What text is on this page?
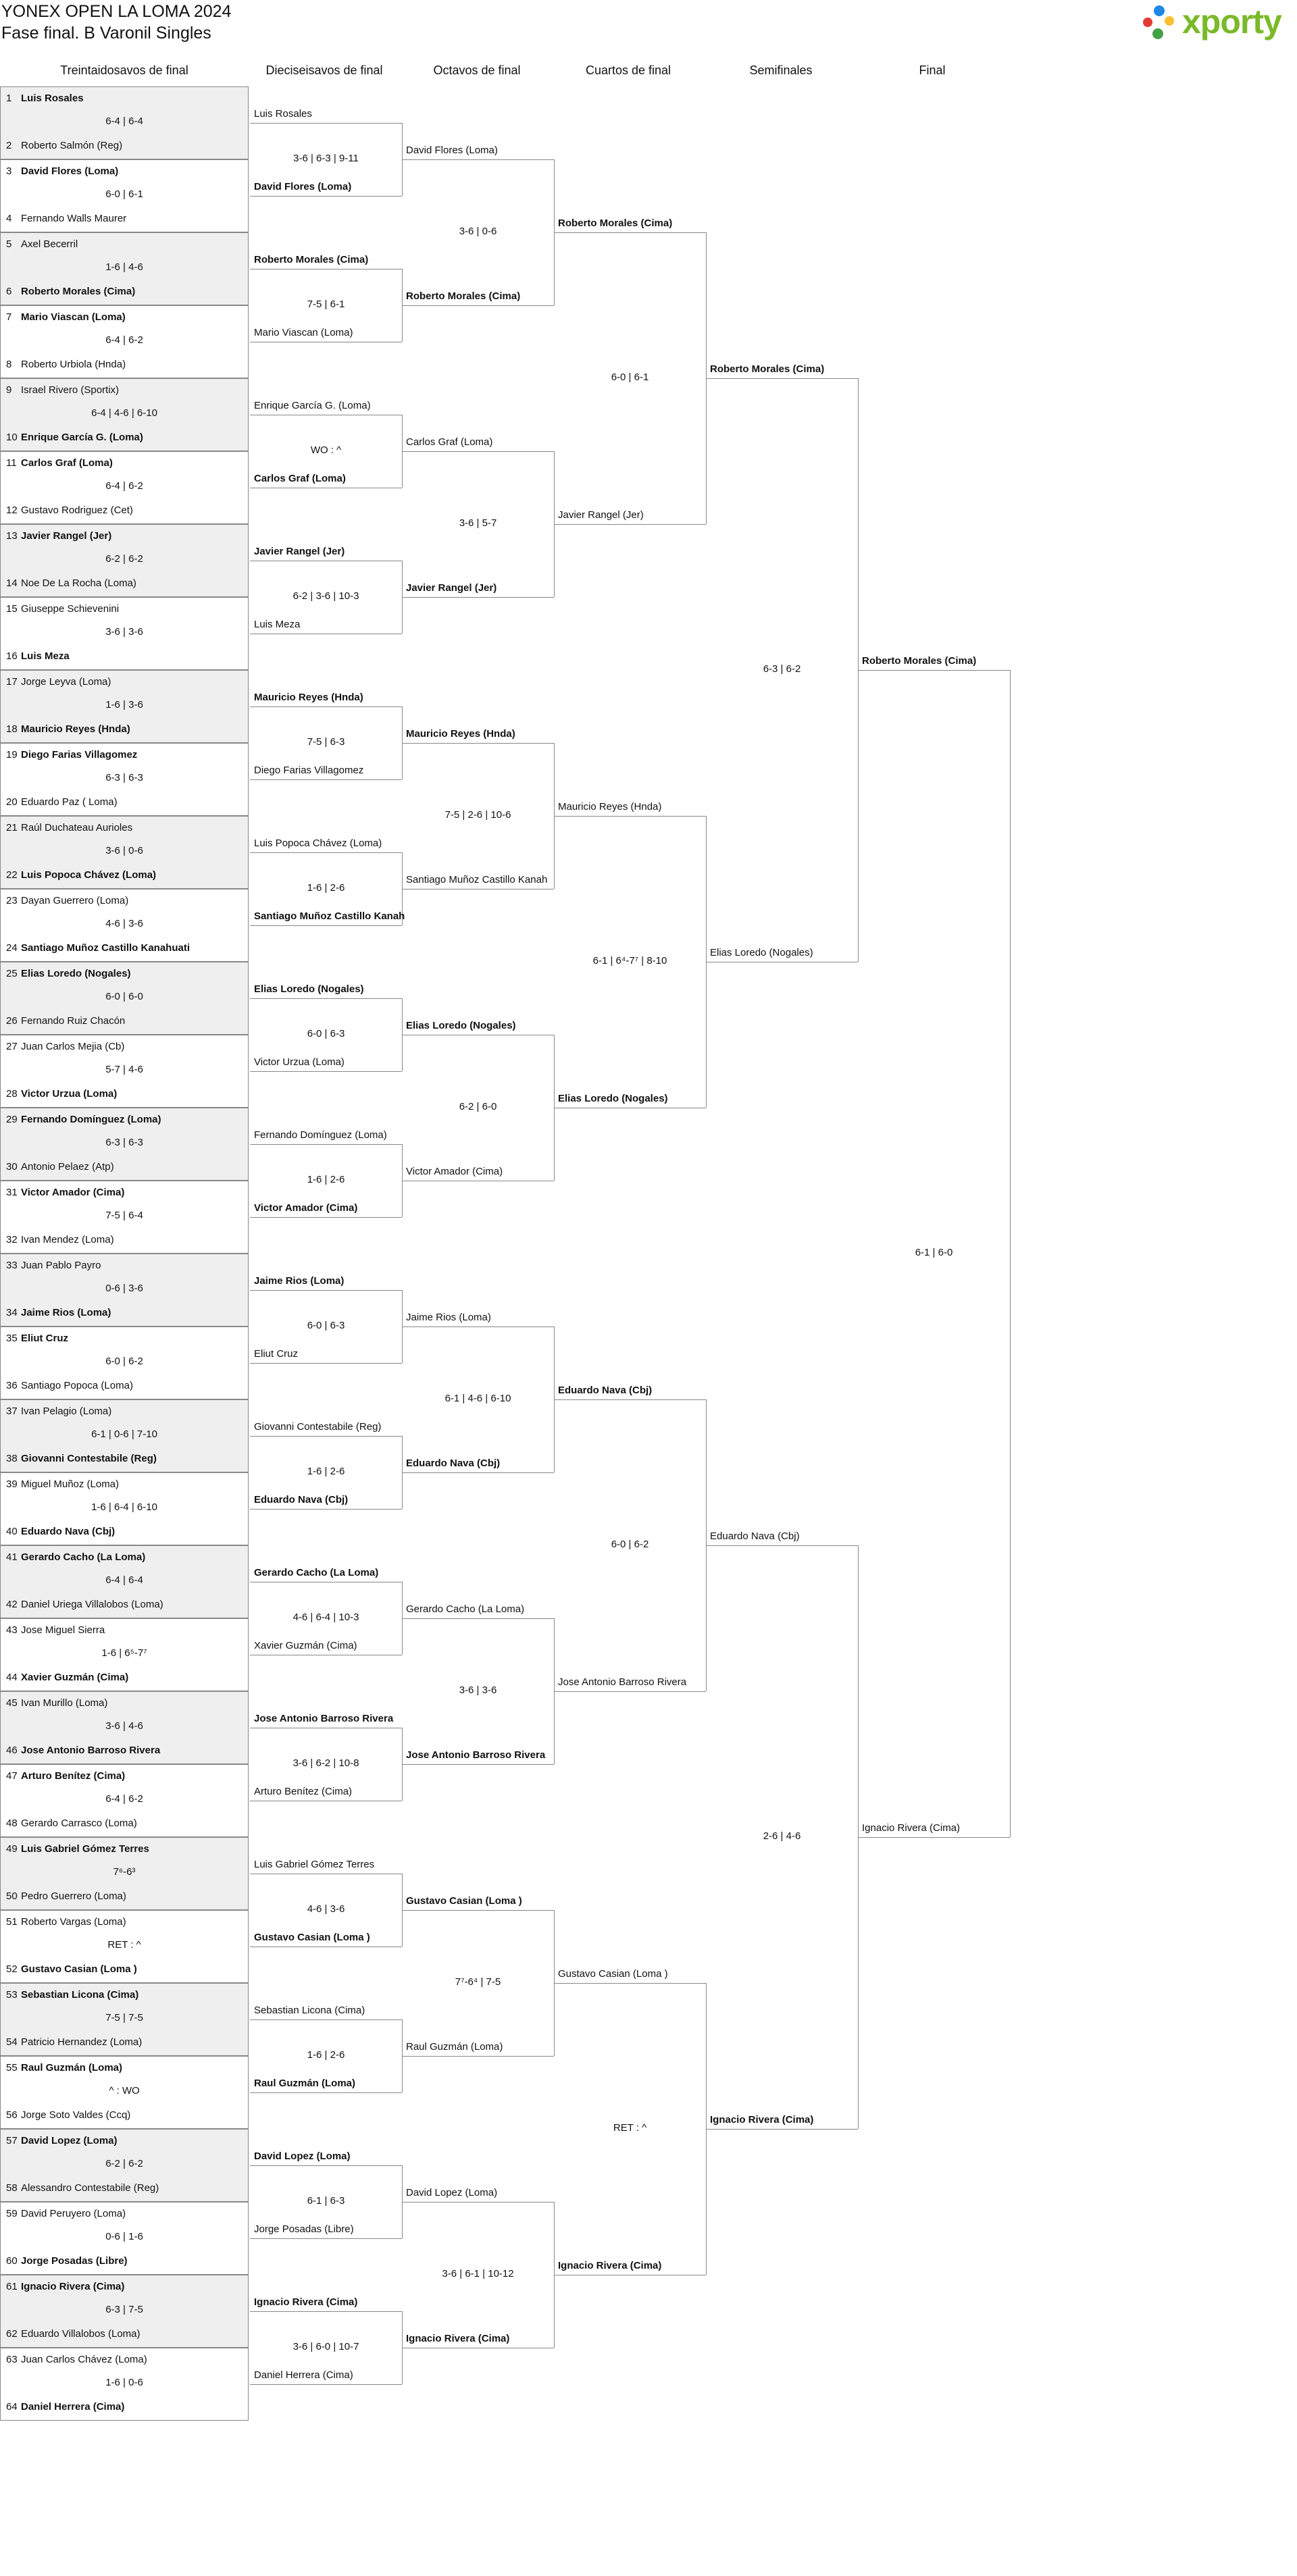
YONEX OPEN LA LOMA 2024
Fase final. B Varonil Singles	xporty
Treintaidosavos de final	Dieciseisavos de final	Octavos de final	Cuartos de final	Semifinales	Final
1 Luis Rosales
2 Roberto Salmón (Reg)
6-4 | 6-4
3 David Flores (Loma)
4 Fernando Walls Maurer
6-0 | 6-1
5 Axel Becerril
6 Roberto Morales (Cima)
1-6 | 4-6
7 Mario Viascan (Loma)
8 Roberto Urbiola (Hnda)
6-4 | 6-2
9 Israel Rivero (Sportix)
10 Enrique García G. (Loma)
6-4 | 4-6 | 6-10
11 Carlos Graf (Loma)
12 Gustavo Rodriguez (Cet)
6-4 | 6-2
13 Javier Rangel (Jer)
14 Noe De La Rocha (Loma)
6-2 | 6-2
15 Giuseppe Schievenini
16 Luis Meza
3-6 | 3-6
17 Jorge Leyva (Loma)
18 Mauricio Reyes (Hnda)
1-6 | 3-6
19 Diego Farias Villagomez
20 Eduardo Paz ( Loma)
6-3 | 6-3
21 Raúl Duchateau Aurioles
22 Luis Popoca Chávez (Loma)
3-6 | 0-6
23 Dayan Guerrero (Loma)
24 Santiago Muñoz Castillo Kanahuati
4-6 | 3-6
25 Elias Loredo (Nogales)
26 Fernando Ruiz Chacón
6-0 | 6-0
27 Juan Carlos Mejia (Cb)
28 Victor Urzua (Loma)
5-7 | 4-6
29 Fernando Domínguez (Loma)
30 Antonio Pelaez (Atp)
6-3 | 6-3
31 Victor Amador (Cima)
32 Ivan Mendez (Loma)
7-5 | 6-4
33 Juan Pablo Payro
34 Jaime Rios (Loma)
0-6 | 3-6
35 Eliut Cruz
36 Santiago Popoca (Loma)
6-0 | 6-2
37 Ivan Pelagio (Loma)
38 Giovanni Contestabile (Reg)
6-1 | 0-6 | 7-10
39 Miguel Muñoz (Loma)
40 Eduardo Nava (Cbj)
1-6 | 6-4 | 6-10
41 Gerardo Cacho (La Loma)
42 Daniel Uriega Villalobos (Loma)
6-4 | 6-4
43 Jose Miguel Sierra
44 Xavier Guzmán (Cima)
1-6 | 6⁵-7⁷
45 Ivan Murillo (Loma)
46 Jose Antonio Barroso Rivera
3-6 | 4-6
47 Arturo Benítez (Cima)
48 Gerardo Carrasco (Loma)
6-4 | 6-2
49 Luis Gabriel Gómez Terres
50 Pedro Guerrero (Loma)
7⁶-6³
51 Roberto Vargas (Loma)
52 Gustavo Casian (Loma )
RET : ^
53 Sebastian Licona (Cima)
54 Patricio Hernandez (Loma)
7-5 | 7-5
55 Raul Guzmán (Loma)
56 Jorge Soto Valdes (Ccq)
^ : WO
57 David Lopez (Loma)
58 Alessandro Contestabile (Reg)
6-2 | 6-2
59 David Peruyero (Loma)
60 Jorge Posadas (Libre)
0-6 | 1-6
61 Ignacio Rivera (Cima)
62 Eduardo Villalobos (Loma)
6-3 | 7-5
63 Juan Carlos Chávez (Loma)
64 Daniel Herrera (Cima)
1-6 | 0-6
Luis Rosales
David Flores (Loma)
3-6 | 6-3 | 9-11
Roberto Morales (Cima)
Mario Viascan (Loma)
7-5 | 6-1
Enrique García G. (Loma)
Carlos Graf (Loma)
WO : ^
Javier Rangel (Jer)
Luis Meza
6-2 | 3-6 | 10-3
Mauricio Reyes (Hnda)
Diego Farias Villagomez
7-5 | 6-3
Luis Popoca Chávez (Loma)
Santiago Muñoz Castillo Kanah
1-6 | 2-6
Elias Loredo (Nogales)
Victor Urzua (Loma)
6-0 | 6-3
Fernando Domínguez (Loma)
Victor Amador (Cima)
1-6 | 2-6
Jaime Rios (Loma)
Eliut Cruz
6-0 | 6-3
Giovanni Contestabile (Reg)
Eduardo Nava (Cbj)
1-6 | 2-6
Gerardo Cacho (La Loma)
Xavier Guzmán (Cima)
4-6 | 6-4 | 10-3
Jose Antonio Barroso Rivera
Arturo Benítez (Cima)
3-6 | 6-2 | 10-8
Luis Gabriel Gómez Terres
Gustavo Casian (Loma )
4-6 | 3-6
Sebastian Licona (Cima)
Raul Guzmán (Loma)
1-6 | 2-6
David Lopez (Loma)
Jorge Posadas (Libre)
6-1 | 6-3
Ignacio Rivera (Cima)
Daniel Herrera (Cima)
3-6 | 6-0 | 10-7
David Flores (Loma)
Roberto Morales (Cima)
3-6 | 0-6
Carlos Graf (Loma)
Javier Rangel (Jer)
3-6 | 5-7
Mauricio Reyes (Hnda)
Santiago Muñoz Castillo Kanah
7-5 | 2-6 | 10-6
Elias Loredo (Nogales)
Victor Amador (Cima)
6-2 | 6-0
Jaime Rios (Loma)
Eduardo Nava (Cbj)
6-1 | 4-6 | 6-10
Gerardo Cacho (La Loma)
Jose Antonio Barroso Rivera
3-6 | 3-6
Gustavo Casian (Loma )
Raul Guzmán (Loma)
7⁷-6⁴ | 7-5
David Lopez (Loma)
Ignacio Rivera (Cima)
3-6 | 6-1 | 10-12
Roberto Morales (Cima)
Javier Rangel (Jer)
6-0 | 6-1
Mauricio Reyes (Hnda)
Elias Loredo (Nogales)
6-1 | 6⁴-7⁷ | 8-10
Eduardo Nava (Cbj)
Jose Antonio Barroso Rivera
6-0 | 6-2
Gustavo Casian (Loma )
Ignacio Rivera (Cima)
RET : ^
Roberto Morales (Cima)
Elias Loredo (Nogales)
6-3 | 6-2
Eduardo Nava (Cbj)
Ignacio Rivera (Cima)
2-6 | 4-6
Roberto Morales (Cima)
Ignacio Rivera (Cima)
6-1 | 6-0
